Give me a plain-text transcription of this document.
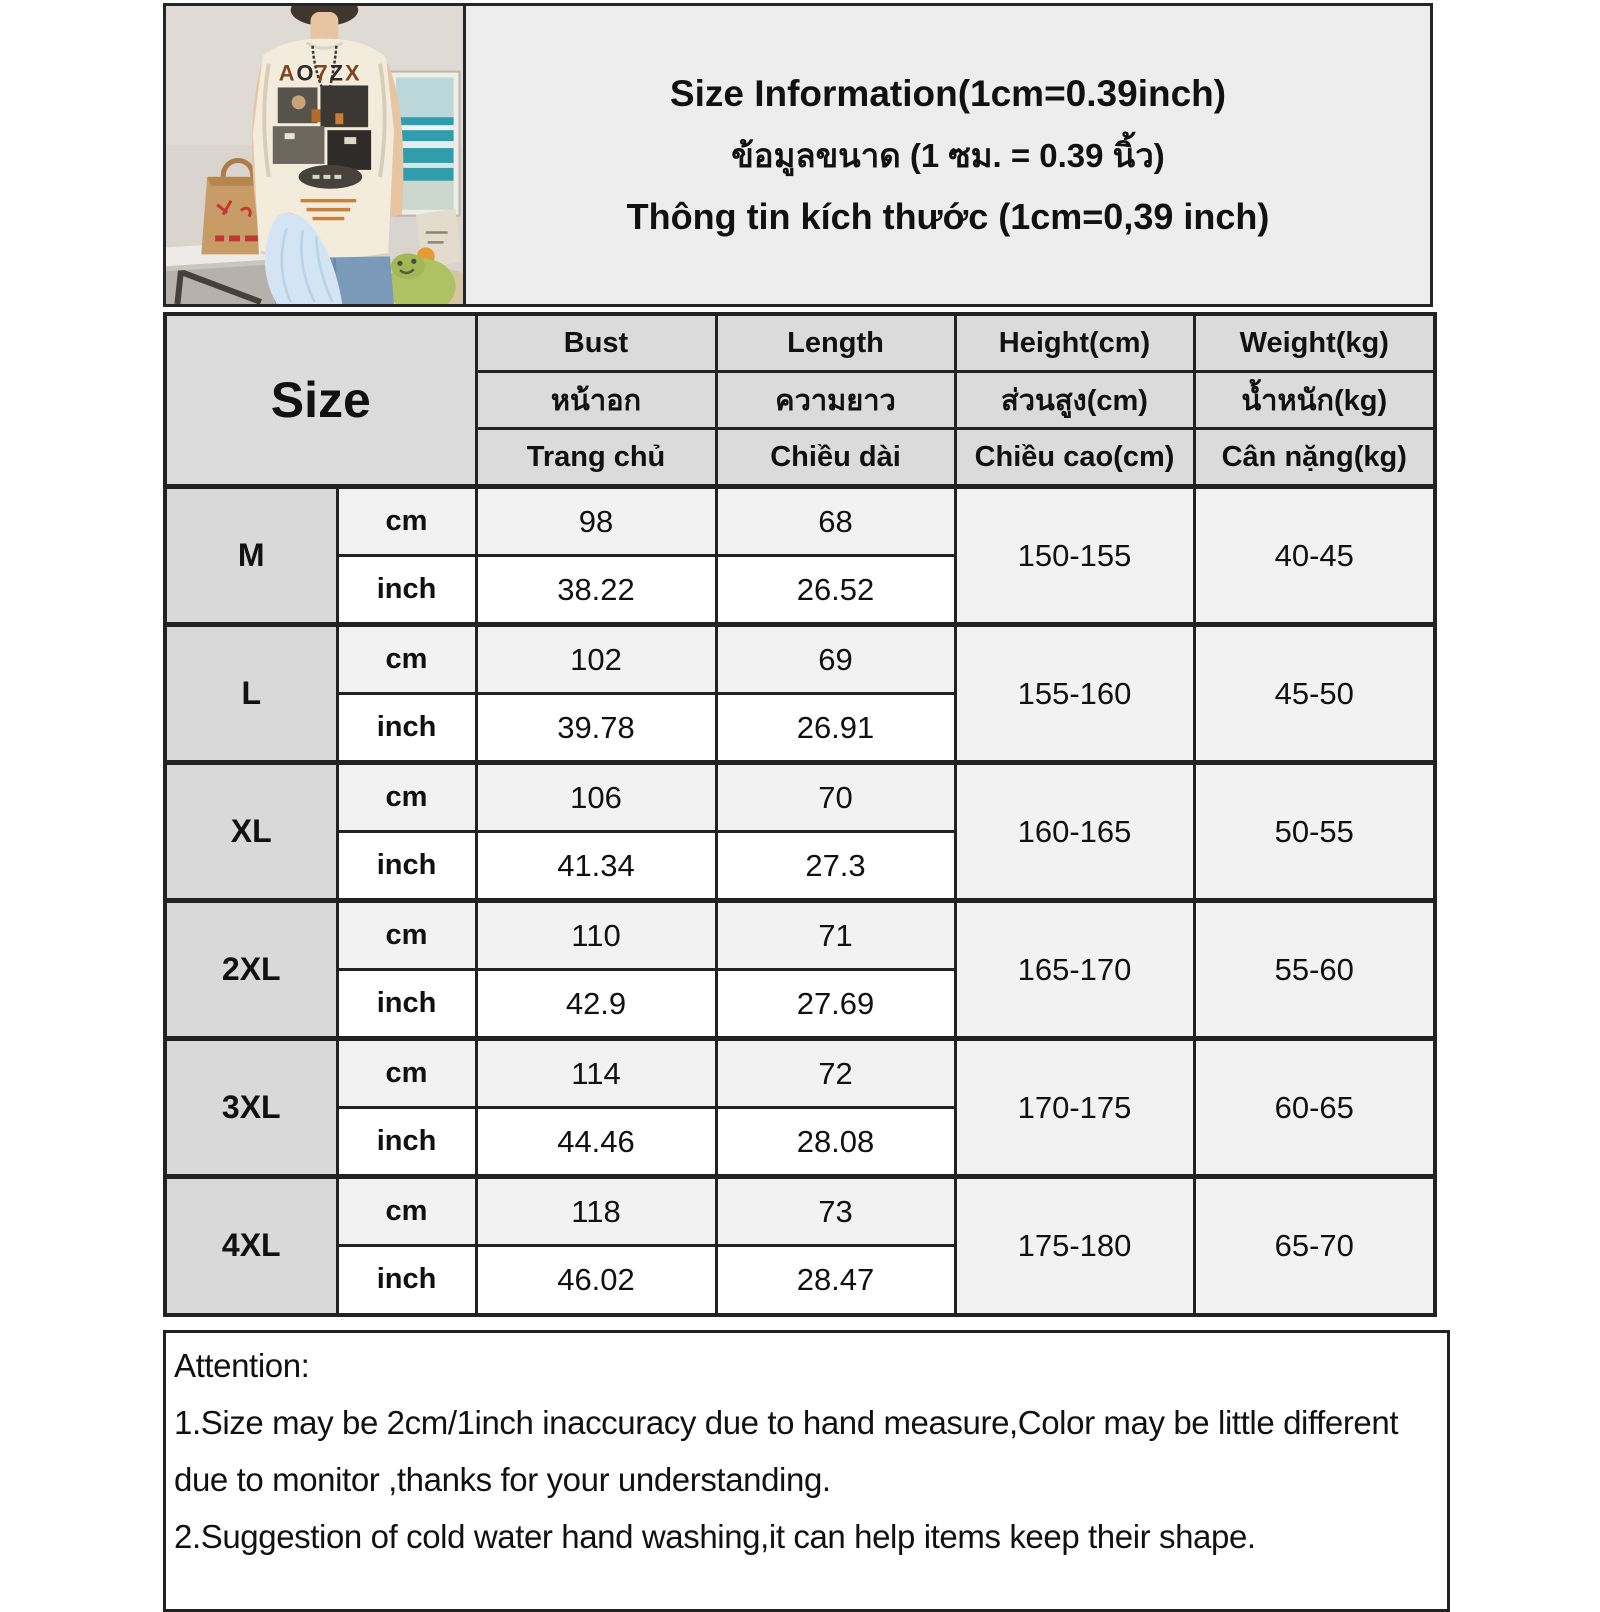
AO7ZX	Size Information(1cm=0.39inch)
ข้อมูลขนาด (1 ซม. = 0.39 นิ้ว)
Thông tin kích thước (1cm=0,39 inch)
Size		Bust	Length	Height(cm)	Weight(kg)
		หน้าอก	ความยาว	ส่วนสูง(cm)	น้ำหนัก(kg)
		Trang chủ	Chiều dài	Chiều cao(cm)	Cân nặng(kg)
M	cm	98	68	150-155	40-45
	inch	38.22	26.52		
L	cm	102	69	155-160	45-50
	inch	39.78	26.91		
XL	cm	106	70	160-165	50-55
	inch	41.34	27.3		
2XL	cm	110	71	165-170	55-60
	inch	42.9	27.69		
3XL	cm	114	72	170-175	60-65
	inch	44.46	28.08		
4XL	cm	118	73	175-180	65-70
	inch	46.02	28.47		
Attention:
1.Size may be 2cm/1inch inaccuracy due to hand measure,Color may be little different due to monitor ,thanks for your understanding.
2.Suggestion of cold water hand washing,it can help items keep their shape.
